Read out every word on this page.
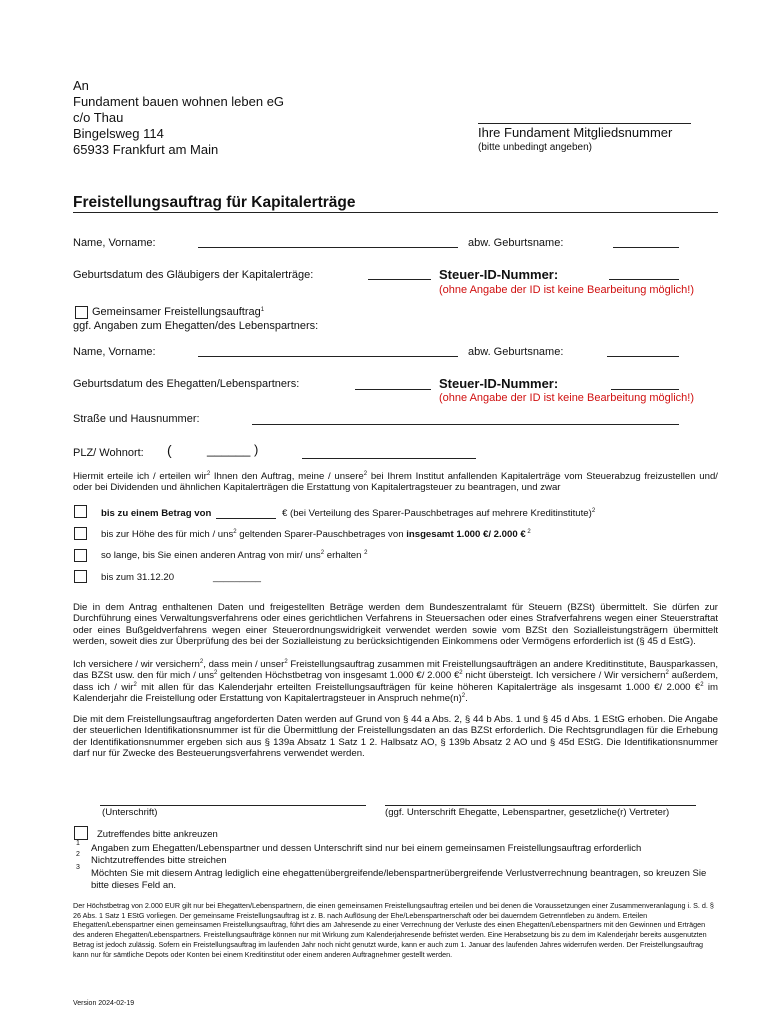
An
Fundament bauen wohnen leben eG
c/o Thau
Bingelsweg 114
65933 Frankfurt am Main
Ihre Fundament Mitgliedsnummer
(bitte unbedingt angeben)
Freistellungsauftrag für Kapitalerträge
Name, Vorname:	abw. Geburtsname:
Geburtsdatum des Gläubigers der Kapitalerträge:	Steuer-ID-Nummer:
(ohne Angabe der ID ist keine Bearbeitung möglich!)
Gemeinsamer Freistellungsauftrag$^1$
ggf. Angaben zum Ehegatten/des Lebenspartners:
Name, Vorname:	abw. Geburtsname:
Geburtsdatum des Ehegatten/Lebenspartners:	Steuer-ID-Nummer:
(ohne Angabe der ID ist keine Bearbeitung möglich!)
Straße und Hausnummer:
PLZ/ Wohnort: (	______ )
Hiermit erteile ich / erteilen wir$^2$ Ihnen den Auftrag, meine / unsere$^2$ bei Ihrem Institut anfallenden Kapitalerträge vom Steuerabzug freizustellen und/ oder bei Dividenden und ähnlichen Kapitalerträgen die Erstattung von Kapitalertragsteuer zu beantragen, und zwar
bis zu einem Betrag von	€ (bei Verteilung des Sparer-Pauschbetrages auf mehrere Kreditinstitute)$^2$
bis zur Höhe des für mich / uns$^2$ geltenden Sparer-Pauschbetrages von insgesamt 1.000 €/ 2.000 € $^2$
so lange, bis Sie einen anderen Antrag von mir/ uns$^2$ erhalten $^2$
bis zum 31.12.20	_________
Die in dem Antrag enthaltenen Daten und freigestellten Beträge werden dem Bundeszentralamt für Steuern (BZSt) übermittelt. Sie dürfen zur Durchführung eines Verwaltungsverfahrens oder eines gerichtlichen Verfahrens in Steuersachen oder eines Strafverfahrens wegen einer Steuerstraftat oder eines Bußgeldverfahrens wegen einer Steuerordnungswidrigkeit verwendet werden sowie vom BZSt den Sozialleistungsträgern übermittelt werden, soweit dies zur Überprüfung des bei der Sozialleistung zu berücksichtigenden Einkommens oder Vermögens erforderlich ist (§ 45 d EstG).
Ich versichere / wir versichern$^2$, dass mein / unser$^2$ Freistellungsauftrag zusammen mit Freistellungsaufträgen an andere Kreditinstitute, Bausparkassen, das BZSt usw. den für mich / uns$^2$ geltenden Höchstbetrag von insgesamt 1.000 €/ 2.000 €$^2$ nicht übersteigt. Ich versichere / Wir versichern$^2$ außerdem, dass ich / wir$^2$ mit allen für das Kalenderjahr erteilten Freistellungsaufträgen für keine höheren Kapitalerträge als insgesamt 1.000 €/ 2.000 €$^2$ im Kalenderjahr die Freistellung oder Erstattung von Kapitalertragsteuer in Anspruch $nehme(n)^2$.
Die mit dem Freistellungsauftrag angeforderten Daten werden auf Grund von § 44 a Abs. 2, § 44 b Abs. 1 und § 45 d Abs. 1 EStG erhoben. Die Angabe der steuerlichen Identifikationsnummer ist für die Übermittlung der Freistellungsdaten an das BZSt erforderlich. Die Rechtsgrundlagen für die Erhebung der Identifikationsnummer ergeben sich aus § 139a Absatz 1 Satz 1 2. Halbsatz AO, § 139b Absatz 2 AO und § 45d EStG. Die Identifikationsnummer darf nur für Zwecke des Besteuerungsverfahrens verwendet werden.
(Unterschrift)	(ggf. Unterschrift Ehegatte, Lebenspartner, gesetzliche(r) Vertreter)
Zutreffendes bitte ankreuzen
1 Angaben zum Ehegatten/Lebenspartner und dessen Unterschrift sind nur bei einem gemeinsamen Freistellungsauftrag erforderlich
2
Nichtzutreffendes bitte streichen
3
Möchten Sie mit diesem Antrag lediglich eine ehegattenübergreifende/lebenspartnerübergreifende Verlustverrechnung beantragen, so kreuzen Sie bitte dieses Feld an.
Der Höchstbetrag von 2.000 EUR gilt nur bei Ehegatten/Lebenspartnern, die einen gemeinsamen Freistellungsauftrag erteilen und bei denen die Voraussetzungen einer Zusammenveranlagung i. S. d. § 26 Abs. 1 Satz 1 EStG vorliegen. Der gemeinsame Freistellungsauftrag ist z. B. nach Auflösung der Ehe/Lebenspartnerschaft oder bei dauerndem Getrenntleben zu ändern. Erteilen Ehegatten/Lebenspartner einen gemeinsamen Freistellungsauftrag, führt dies am Jahresende zu einer Verrechnung der Verluste des einen Ehegatten/Lebenspartners mit den Gewinnen und Erträgen des anderen Ehegatten/Lebenspartners. Freistellungsaufträge können nur mit Wirkung zum Kalenderjahresende befristet werden. Eine Herabsetzung bis zu dem im Kalenderjahr bereits ausgenutzten Betrag ist jedoch zulässig. Sofern ein Freistellungsauftrag im laufenden Jahr noch nicht genutzt wurde, kann er auch zum 1. Januar des laufenden Jahres widerrufen werden. Der Freistellungsauftrag kann nur für sämtliche Depots oder Konten bei einem Kreditinstitut oder einem anderen Auftragnehmer gestellt werden.
Version 2024-02-19
